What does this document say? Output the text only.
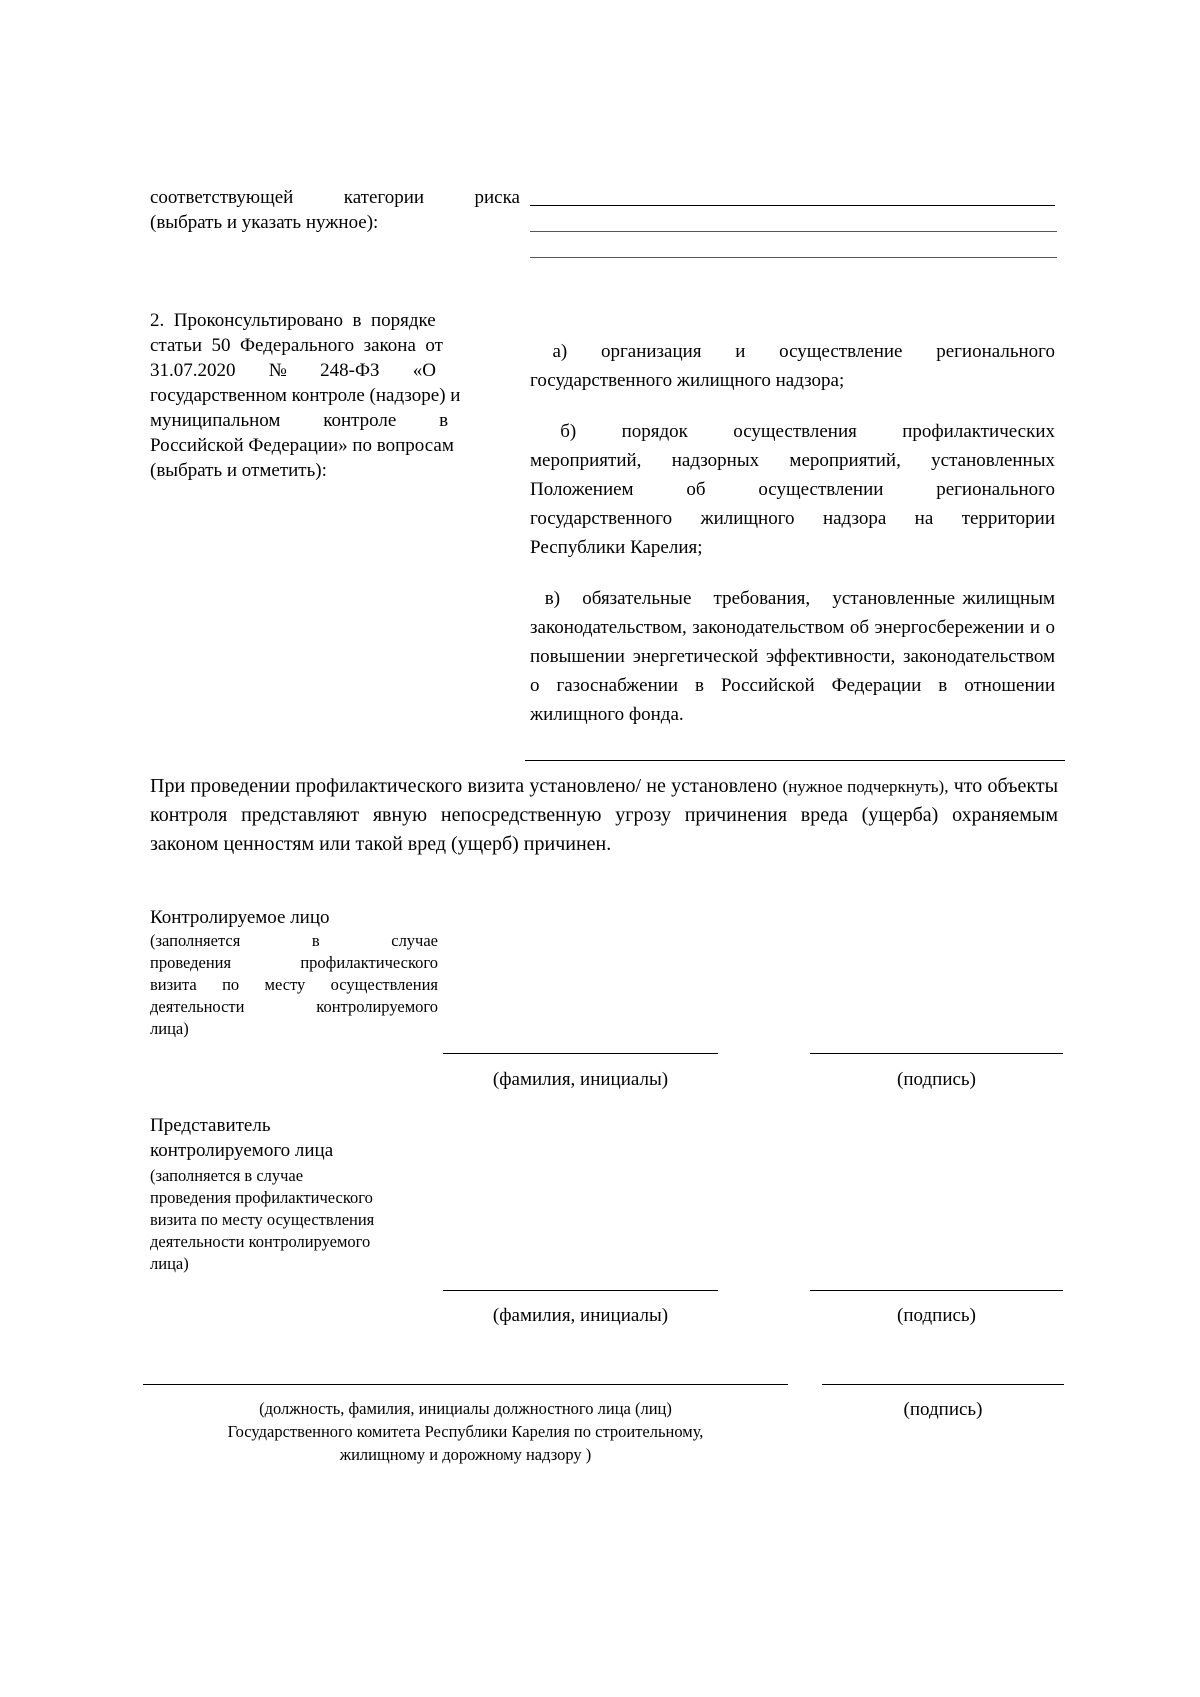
соответствующей   категории   риска
(выбрать и указать нужное):
2.  Проконсультировано  в  порядке
статьи  50  Федерального  закона  от
31.07.2020       №       248-ФЗ       «О
государственном контроле (надзоре) и
муниципальном         контроле         в
Российской Федерации» по вопросам
(выбрать и отметить):

а)   организация   и   осуществление   регионального государственного жилищного надзора;

б)   порядок   осуществления   профилактических мероприятий, надзорных мероприятий, установленных Положением об осуществлении регионального государственного жилищного надзора на территории Республики Карелия;

в)   обязательные   требования,   установленные жилищным законодательством, законодательством об энергосбережении и о повышении энергетической эффективности, законодательством о газоснабжении в Российской Федерации в отношении жилищного фонда.

При проведении профилактического визита установлено/ не установлено (нужное подчеркнуть), что объекты контроля представляют явную непосредственную угрозу причинения вреда (ущерба) охраняемым законом ценностям или такой вред (ущерб) причинен.
Контролируемое лицо
(заполняется          в          случае
проведения   профилактического
визита по месту осуществления
деятельности   контролируемого
лица)
(фамилия, инициалы)	(подпись)
Представитель
контролируемого лица
(заполняется в случае
проведения профилактического
визита по месту осуществления
деятельности контролируемого
лица)
(фамилия, инициалы)	(подпись)
(должность, фамилия, инициалы должностного лица (лиц)
Государственного комитета Республики Карелия по строительному,
жилищному и дорожному надзору )
(подпись)
